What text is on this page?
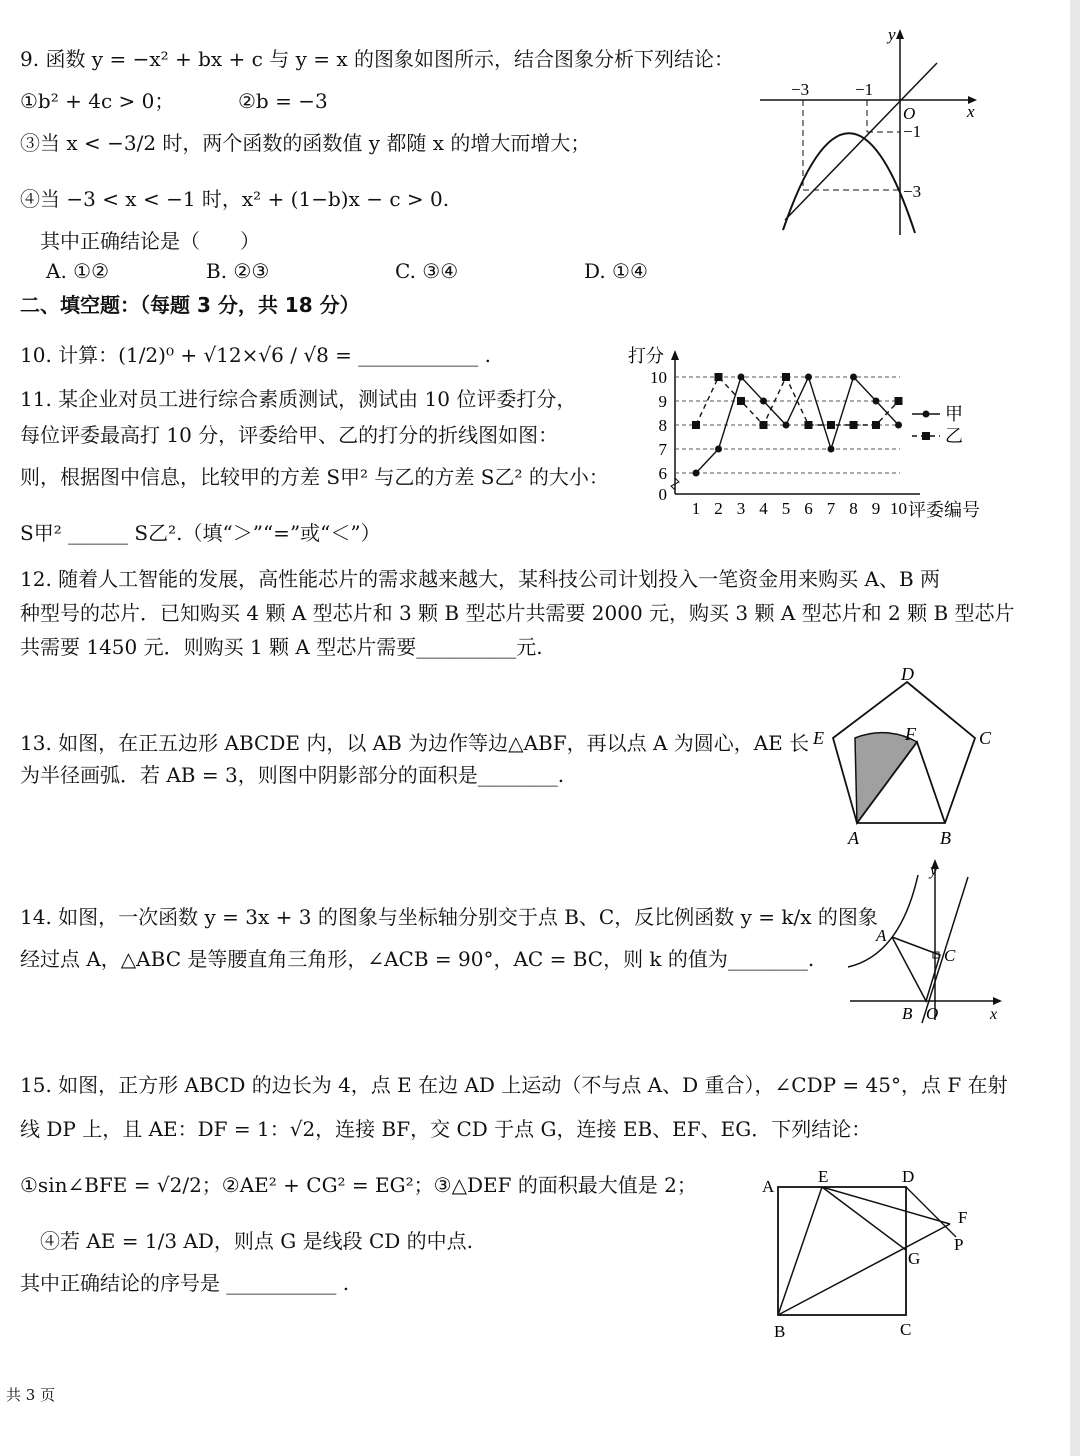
9. 函数 y = −x² + bx + c 与 y = x 的图象如图所示，结合图象分析下列结论：
①b² + 4c > 0；	②b = −3
③当 x < −3/2 时，两个函数的函数值 y 都随 x 的增大而增大；
④当 −3 < x < −1 时，x² + (1−b)x − c > 0.
其中正确结论是（　　）
A. ①②	B. ②③	C. ③④	D. ①④
y
x
O
−3	−1
−1
−3
二、填空题：（每题 3 分，共 18 分）
10. 计算：(1/2)⁰ + √12×√6 / √8 = ____________ .
11. 某企业对员工进行综合素质测试，测试由 10 位评委打分，
每位评委最高打 10 分，评委给甲、乙的打分的折线图如图：
则，根据图中信息，比较甲的方差 S甲² 与乙的方差 S乙² 的大小：
S甲² ______ S乙².（填“＞”“=”或“＜”）
0
6
7
8
9
10
1 2 3 4 5 6 7 8 9 10
打分
评委编号
甲
乙
12. 随着人工智能的发展，高性能芯片的需求越来越大，某科技公司计划投入一笔资金用来购买 A、B 两
种型号的芯片．已知购买 4 颗 A 型芯片和 3 颗 B 型芯片共需要 2000 元，购买 3 颗 A 型芯片和 2 颗 B 型芯片
共需要 1450 元．则购买 1 颗 A 型芯片需要__________元.
13. 如图，在正五边形 ABCDE 内，以 AB 为边作等边△ABF，再以点 A 为圆心，AE 长
为半径画弧．若 AB = 3，则图中阴影部分的面积是________.
D
C
E	F
A	B
14. 如图，一次函数 y = 3x + 3 的图象与坐标轴分别交于点 B、C，反比例函数 y = k/x 的图象
经过点 A，△ABC 是等腰直角三角形，∠ACB = 90°，AC = BC，则 k 的值为________.
y
x
A
B
C
O
15. 如图，正方形 ABCD 的边长为 4，点 E 在边 AD 上运动（不与点 A、D 重合），∠CDP = 45°，点 F 在射
线 DP 上，且 AE：DF = 1：√2，连接 BF，交 CD 于点 G，连接 EB、EF、EG．下列结论：
①sin∠BFE = √2/2；②AE² + CG² = EG²；③△DEF 的面积最大值是 2；
④若 AE = 1/3 AD，则点 G 是线段 CD 的中点.
其中正确结论的序号是 ___________ .
A
E	D
F
P
G
B	C
共 3 页
